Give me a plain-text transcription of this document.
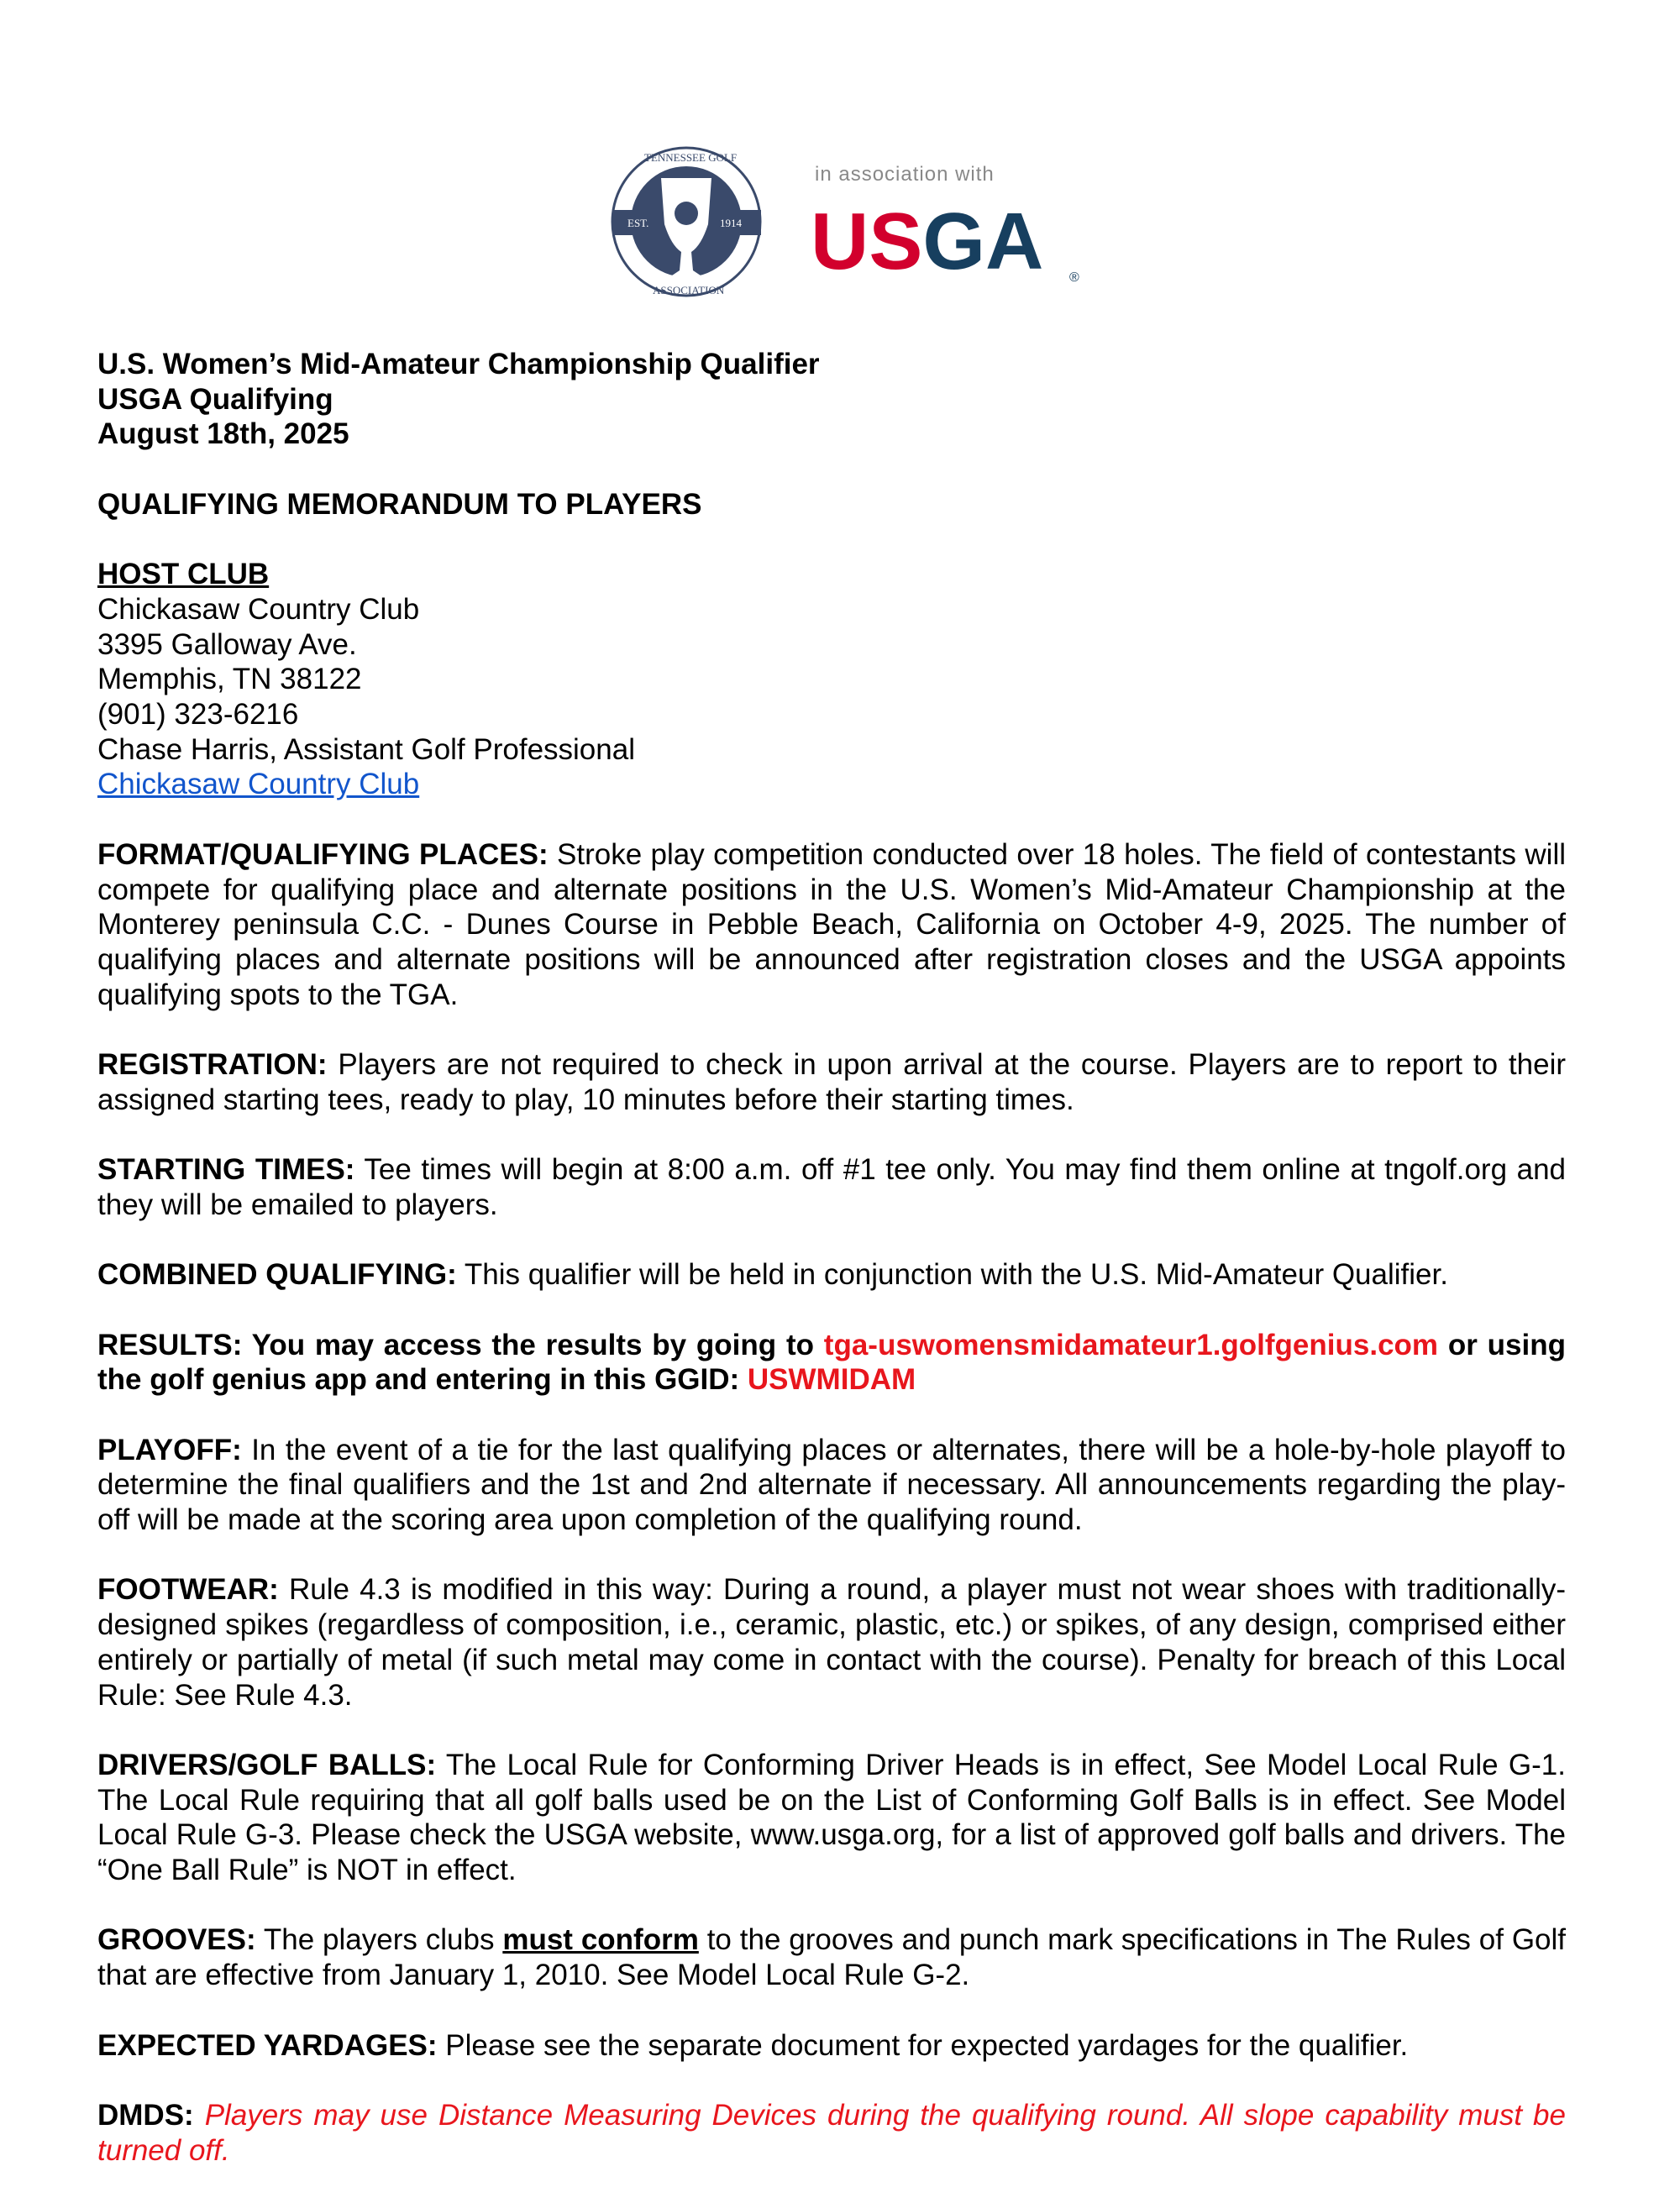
EST.	1914
TENNESSEE GOLF
ASSOCIATION
in association with
USGA ®
U.S. Women’s Mid-Amateur Championship Qualifier
USGA Qualifying
August 18th, 2025
QUALIFYING MEMORANDUM TO PLAYERS
HOST CLUB
Chickasaw Country Club
3395 Galloway Ave.
Memphis, TN 38122
(901) 323-6216
Chase Harris, Assistant Golf Professional
Chickasaw Country Club
FORMAT/QUALIFYING PLACES: Stroke play competition conducted over 18 holes. The field of contestants will compete for qualifying place and alternate positions in the U.S. Women’s Mid-Amateur Championship at the Monterey peninsula C.C. - Dunes Course in Pebble Beach, California on October 4-9, 2025. The number of qualifying places and alternate positions will be announced after registration closes and the USGA appoints qualifying spots to the TGA.
REGISTRATION: Players are not required to check in upon arrival at the course. Players are to report to their assigned starting tees, ready to play, 10 minutes before their starting times.
STARTING TIMES: Tee times will begin at 8:00 a.m. off #1 tee only. You may find them online at tngolf.org and they will be emailed to players.
COMBINED QUALIFYING: This qualifier will be held in conjunction with the U.S. Mid-Amateur Qualifier.
RESULTS: You may access the results by going to tga-uswomensmidamateur1.golfgenius.com or using the golf genius app and entering in this GGID: USWMIDAM
PLAYOFF: In the event of a tie for the last qualifying places or alternates, there will be a hole-by-hole playoff to determine the final qualifiers and the 1st and 2nd alternate if necessary. All announcements regarding the play-off will be made at the scoring area upon completion of the qualifying round.
FOOTWEAR: Rule 4.3 is modified in this way: During a round, a player must not wear shoes with traditionally-designed spikes (regardless of composition, i.e., ceramic, plastic, etc.) or spikes, of any design, comprised either entirely or partially of metal (if such metal may come in contact with the course). Penalty for breach of this Local Rule: See Rule 4.3.
DRIVERS/GOLF BALLS: The Local Rule for Conforming Driver Heads is in effect, See Model Local Rule G-1. The Local Rule requiring that all golf balls used be on the List of Conforming Golf Balls is in effect. See Model Local Rule G-3. Please check the USGA website, www.usga.org, for a list of approved golf balls and drivers. The “One Ball Rule” is NOT in effect.
GROOVES: The players clubs must conform to the grooves and punch mark specifications in The Rules of Golf that are effective from January 1, 2010. See Model Local Rule G-2.
EXPECTED YARDAGES: Please see the separate document for expected yardages for the qualifier.
DMDS: Players may use Distance Measuring Devices during the qualifying round. All slope capability must be turned off.
